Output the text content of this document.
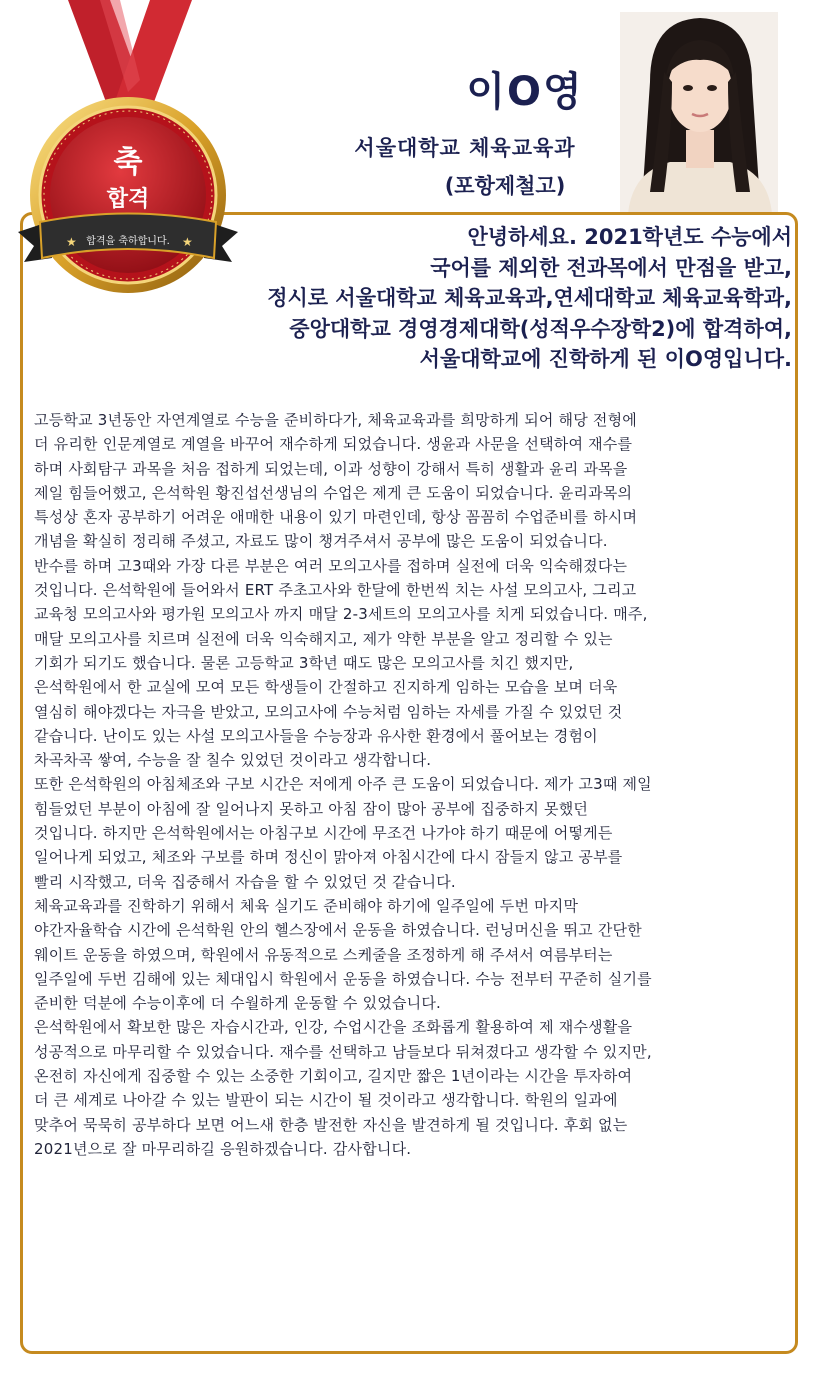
축
합격
★	★
합격을 축하합니다.
이O영
서울대학교 체육교육과
(포항제철고)
안녕하세요. 2021학년도 수능에서
국어를 제외한 전과목에서 만점을 받고,
정시로 서울대학교 체육교육과,연세대학교 체육교육학과,
중앙대학교 경영경제대학(성적우수장학2)에 합격하여,
서울대학교에 진학하게 된 이O영입니다.
고등학교 3년동안 자연계열로 수능을 준비하다가, 체육교육과를 희망하게 되어 해당 전형에
더 유리한 인문계열로 계열을 바꾸어 재수하게 되었습니다. 생윤과 사문을 선택하여 재수를
하며 사회탐구 과목을 처음 접하게 되었는데, 이과 성향이 강해서 특히 생활과 윤리 과목을
제일 힘들어했고, 은석학원 황진섭선생님의 수업은 제게 큰 도움이 되었습니다. 윤리과목의
특성상 혼자 공부하기 어려운 애매한 내용이 있기 마련인데, 항상 꼼꼼히 수업준비를 하시며
개념을 확실히 정리해 주셨고, 자료도 많이 챙겨주셔서 공부에 많은 도움이 되었습니다.
반수를 하며 고3때와 가장 다른 부분은 여러 모의고사를 접하며 실전에 더욱 익숙해졌다는
것입니다. 은석학원에 들어와서 ERT 주초고사와 한달에 한번씩 치는 사설 모의고사, 그리고
교육청 모의고사와 평가원 모의고사 까지 매달 2-3세트의 모의고사를 치게 되었습니다. 매주,
매달 모의고사를 치르며 실전에 더욱 익숙해지고, 제가 약한 부분을 알고 정리할 수 있는
기회가 되기도 했습니다. 물론 고등학교 3학년 때도 많은 모의고사를 치긴 했지만,
은석학원에서 한 교실에 모여 모든 학생들이 간절하고 진지하게 임하는 모습을 보며 더욱
열심히 해야겠다는 자극을 받았고, 모의고사에 수능처럼 임하는 자세를 가질 수 있었던 것
같습니다. 난이도 있는 사설 모의고사들을 수능장과 유사한 환경에서 풀어보는 경험이
차곡차곡 쌓여, 수능을 잘 칠수 있었던 것이라고 생각합니다.
또한 은석학원의 아침체조와 구보 시간은 저에게 아주 큰 도움이 되었습니다. 제가 고3때 제일
힘들었던 부분이 아침에 잘 일어나지 못하고 아침 잠이 많아 공부에 집중하지 못했던
것입니다. 하지만 은석학원에서는 아침구보 시간에 무조건 나가야 하기 때문에 어떻게든
일어나게 되었고, 체조와 구보를 하며 정신이 맑아져 아침시간에 다시 잠들지 않고 공부를
빨리 시작했고, 더욱 집중해서 자습을 할 수 있었던 것 같습니다.
체육교육과를 진학하기 위해서 체육 실기도 준비해야 하기에 일주일에 두번 마지막
야간자율학습 시간에 은석학원 안의 헬스장에서 운동을 하였습니다. 런닝머신을 뛰고 간단한
웨이트 운동을 하였으며, 학원에서 유동적으로 스케줄을 조정하게 해 주셔서 여름부터는
일주일에 두번 김해에 있는 체대입시 학원에서 운동을 하였습니다. 수능 전부터 꾸준히 실기를
준비한 덕분에 수능이후에 더 수월하게 운동할 수 있었습니다.
은석학원에서 확보한 많은 자습시간과, 인강, 수업시간을 조화롭게 활용하여 제 재수생활을
성공적으로 마무리할 수 있었습니다. 재수를 선택하고 남들보다 뒤쳐졌다고 생각할 수 있지만,
온전히 자신에게 집중할 수 있는 소중한 기회이고, 길지만 짧은 1년이라는 시간을 투자하여
더 큰 세계로 나아갈 수 있는 발판이 되는 시간이 될 것이라고 생각합니다. 학원의 일과에
맞추어 묵묵히 공부하다 보면 어느새 한층 발전한 자신을 발견하게 될 것입니다. 후회 없는
2021년으로 잘 마무리하길 응원하겠습니다. 감사합니다.
